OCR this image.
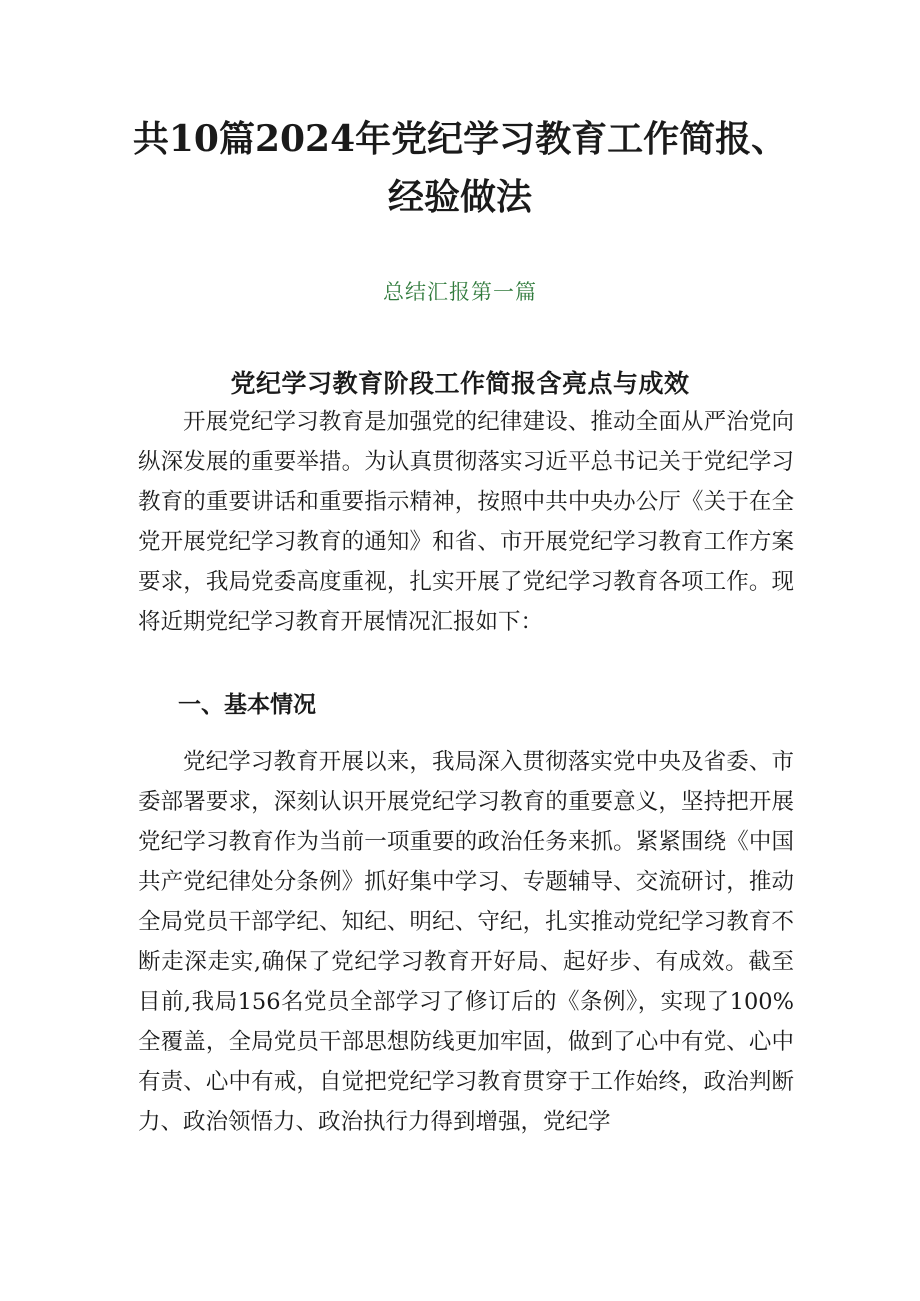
共10篇2024年党纪学习教育工作简报、
经验做法
总结汇报第一篇
党纪学习教育阶段工作简报含亮点与成效

开展党纪学习教育是加强党的纪律建设、推动全面从严治党向纵深发展的重要举措。为认真贯彻落实习近平总书记关于党纪学习教育的重要讲话和重要指示精神，按照中共中央办公厅《关于在全党开展党纪学习教育的通知》和省、市开展党纪学习教育工作方案要求，我局党委高度重视，扎实开展了党纪学习教育各项工作。现将近期党纪学习教育开展情况汇报如下：

一、基本情况

党纪学习教育开展以来，我局深入贯彻落实党中央及省委、市委部署要求，深刻认识开展党纪学习教育的重要意义，坚持把开展党纪学习教育作为当前一项重要的政治任务来抓。紧紧围绕《中国共产党纪律处分条例》抓好集中学习、专题辅导、交流研讨，推动全局党员干部学纪、知纪、明纪、守纪，扎实推动党纪学习教育不断走深走实,确保了党纪学习教育开好局、起好步、有成效。截至目前,我局156名党员全部学习了修订后的《条例》，实现了100%全覆盖，全局党员干部思想防线更加牢固，做到了心中有党、心中有责、心中有戒，自觉把党纪学习教育贯穿于工作始终，政治判断力、政治领悟力、政治执行力得到增强，党纪学
